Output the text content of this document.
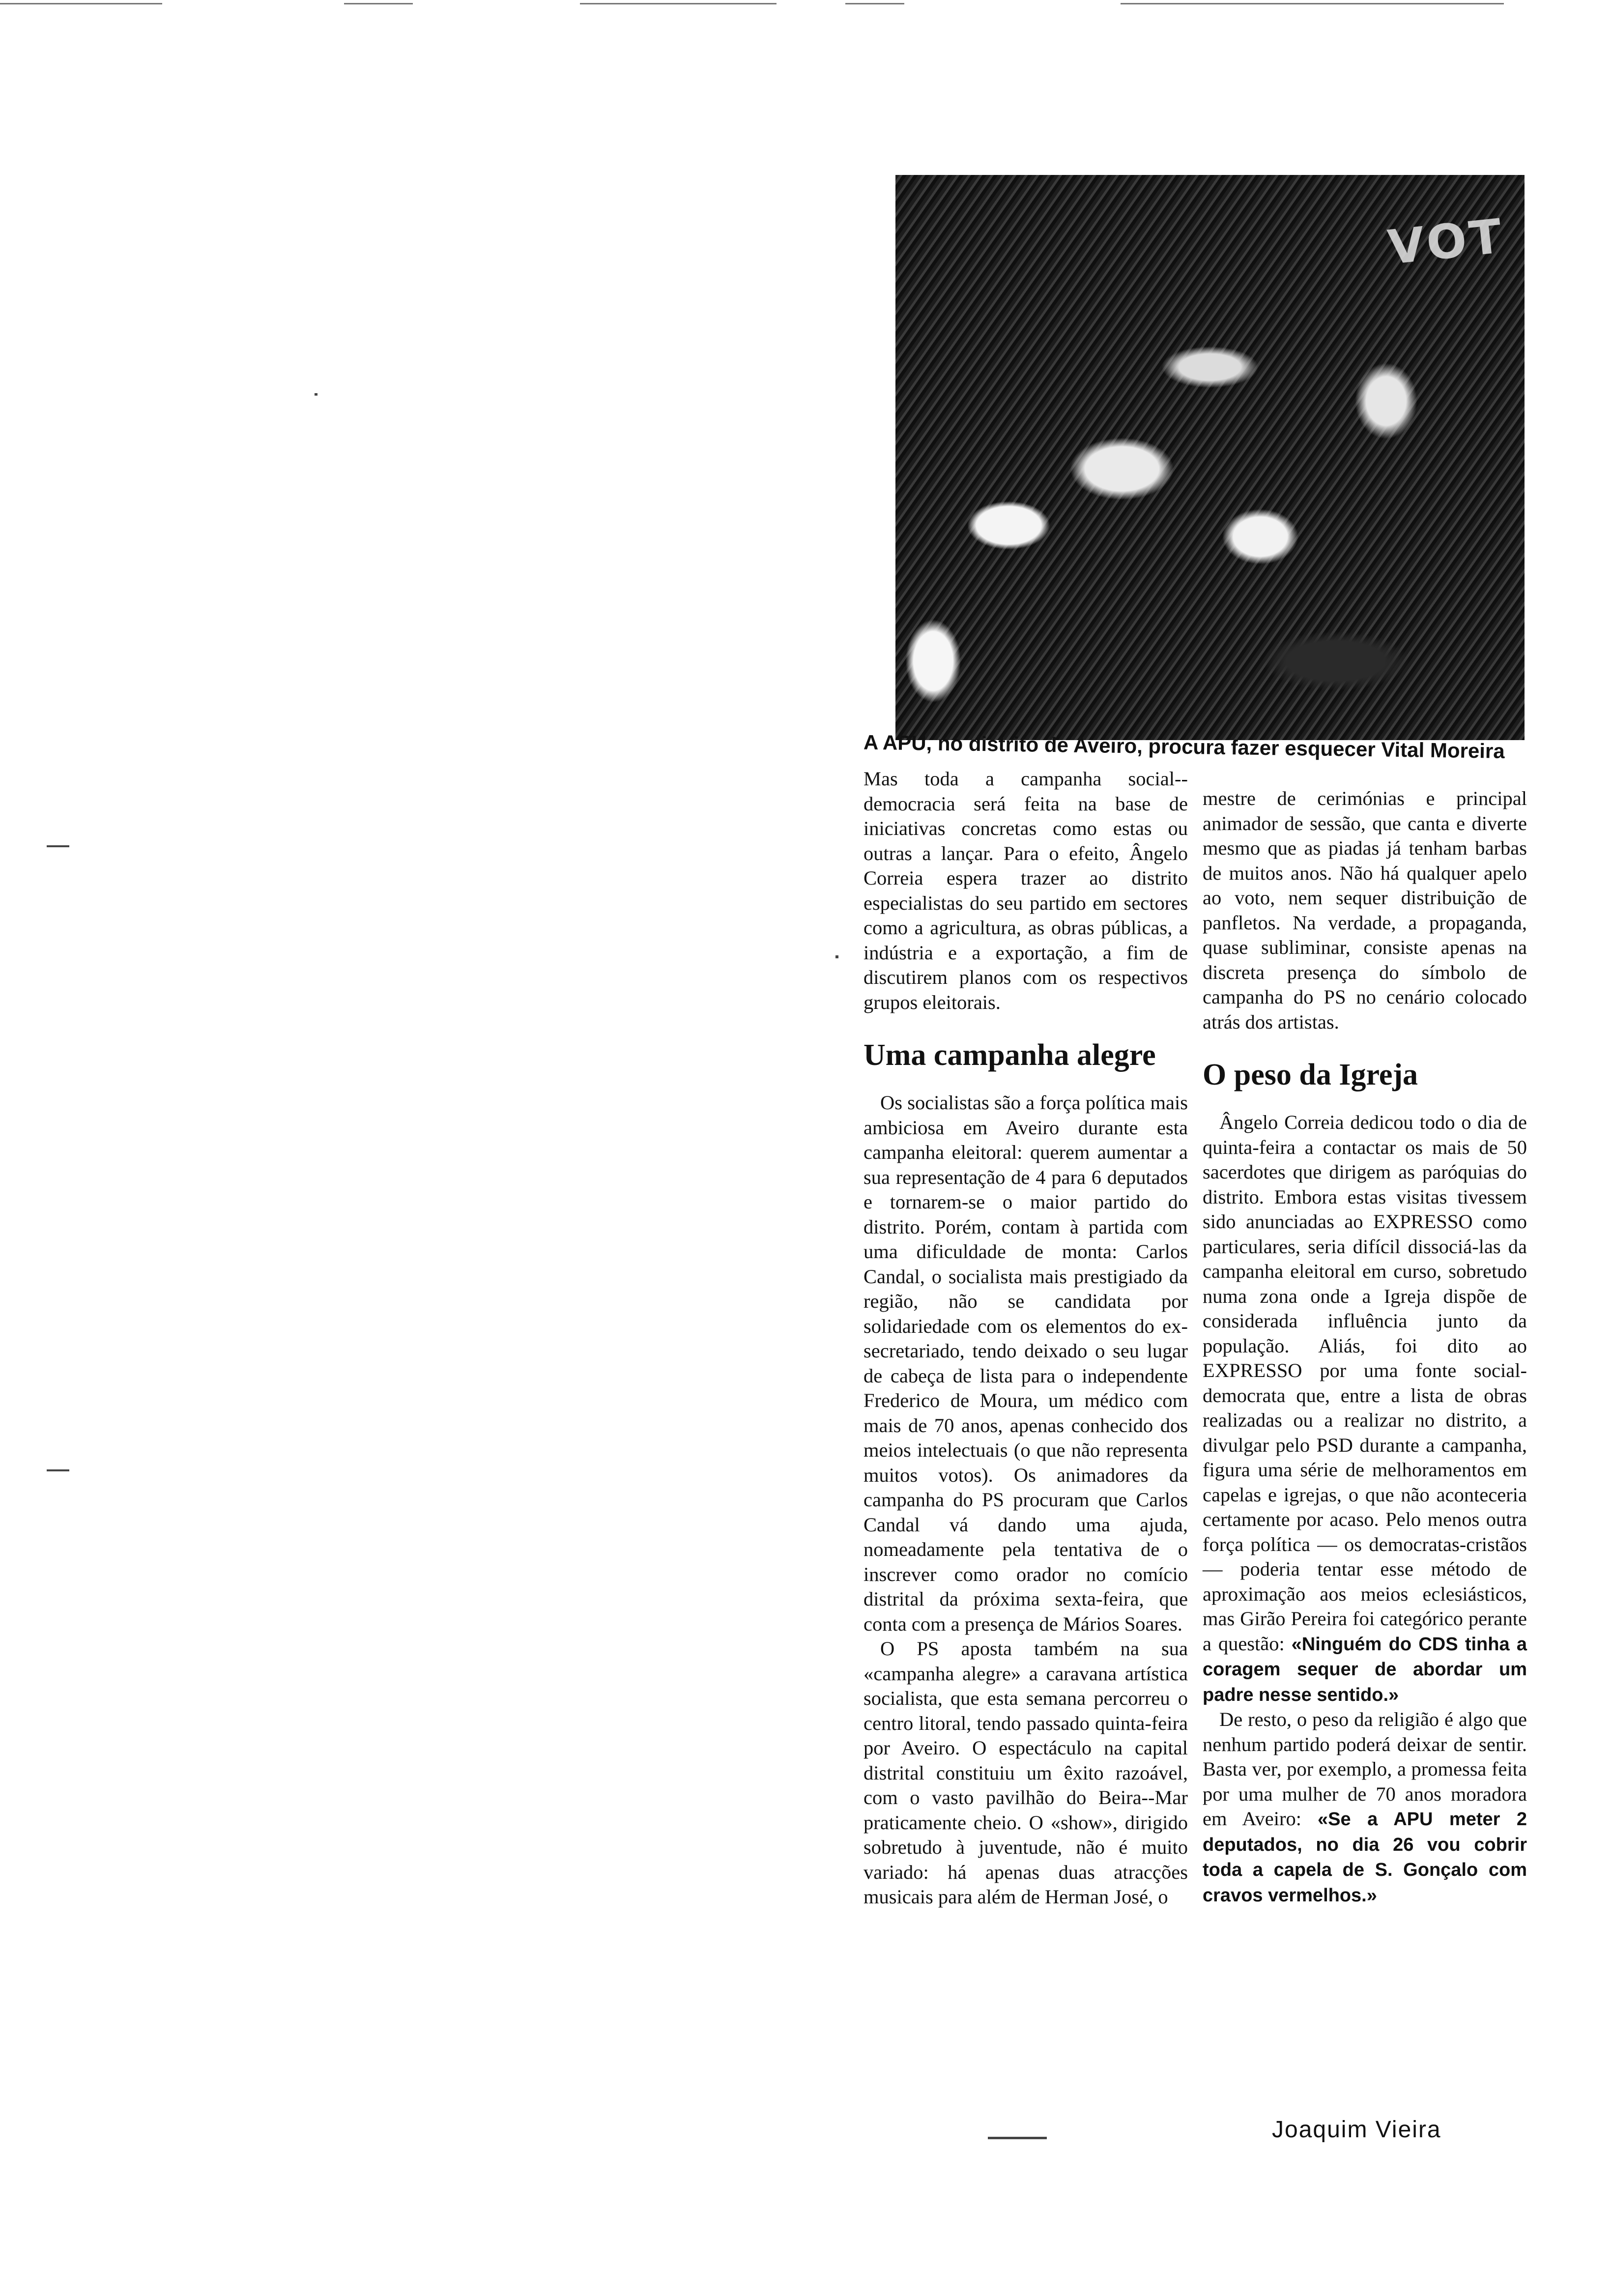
VOT
A APU, no distrito de Aveiro, procura fazer esquecer Vital Moreira

Mas toda a campanha social--democracia será feita na base de iniciativas concretas como estas ou outras a lançar. Para o efeito, Ângelo Correia espera trazer ao distrito especialistas do seu partido em sectores como a agricultura, as obras públicas, a indústria e a exportação, a fim de discutirem planos com os respectivos grupos eleitorais.

Uma campanha alegre

Os socialistas são a força política mais ambiciosa em Aveiro durante esta campanha eleitoral: querem aumentar a sua representação de 4 para 6 deputados e tornarem-se o maior partido do distrito. Porém, contam à partida com uma dificuldade de monta: Carlos Candal, o socialista mais prestigiado da região, não se candidata por solidariedade com os elementos do ex-secretariado, tendo deixado o seu lugar de cabeça de lista para o independente Frederico de Moura, um médico com mais de 70 anos, apenas conhecido dos meios intelectuais (o que não representa muitos votos). Os animadores da campanha do PS procuram que Carlos Candal vá dando uma ajuda, nomeadamente pela tentativa de o inscrever como orador no comício distrital da próxima sexta-feira, que conta com a presença de Mários Soares.

O PS aposta também na sua «campanha alegre» a caravana artística socialista, que esta semana percorreu o centro litoral, tendo passado quinta-feira por Aveiro. O espectáculo na capital distrital constituiu um êxito razoável, com o vasto pavilhão do Beira--Mar praticamente cheio. O «show», dirigido sobretudo à juventude, não é muito variado: há apenas duas atracções musicais para além de Herman José, o

mestre de cerimónias e principal animador de sessão, que canta e diverte mesmo que as piadas já tenham barbas de muitos anos. Não há qualquer apelo ao voto, nem sequer distribuição de panfletos. Na verdade, a propaganda, quase subliminar, consiste apenas na discreta presença do símbolo de campanha do PS no cenário colocado atrás dos artistas.

O peso da Igreja

Ângelo Correia dedicou todo o dia de quinta-feira a contactar os mais de 50 sacerdotes que dirigem as paróquias do distrito. Embora estas visitas tivessem sido anunciadas ao EXPRESSO como particulares, seria difícil dissociá-las da campanha eleitoral em curso, sobretudo numa zona onde a Igreja dispõe de considerada influência junto da população. Aliás, foi dito ao EXPRESSO por uma fonte social-democrata que, entre a lista de obras realizadas ou a realizar no distrito, a divulgar pelo PSD durante a campanha, figura uma série de melhoramentos em capelas e igrejas, o que não aconteceria certamente por acaso. Pelo menos outra força política — os democratas-cristãos — poderia tentar esse método de aproximação aos meios eclesiásticos, mas Girão Pereira foi categórico perante a questão: «Ninguém do CDS tinha a coragem sequer de abordar um padre nesse sentido.»

De resto, o peso da religião é algo que nenhum partido poderá deixar de sentir. Basta ver, por exemplo, a promessa feita por uma mulher de 70 anos moradora em Aveiro: «Se a APU meter 2 deputados, no dia 26 vou cobrir toda a capela de S. Gonçalo com cravos vermelhos.»

Joaquim Vieira
